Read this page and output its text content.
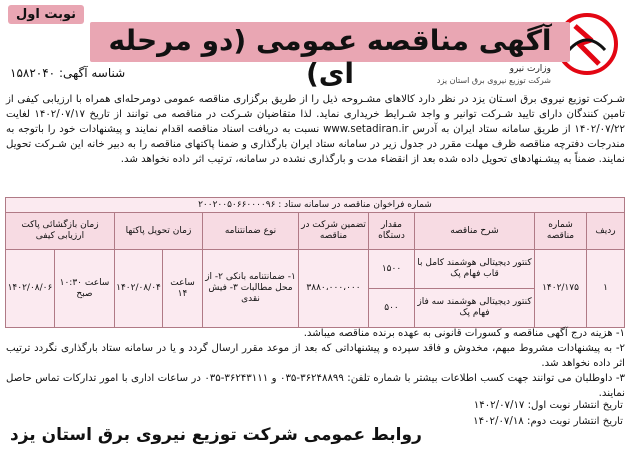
نوبت اول
آگهی مناقصه عمومی (دو مرحله ای)	وزارت نیرو
شرکت توزیع نیروی برق استان یزد
شناسه آگهی: ۱۵۸۲۰۴۰
شـرکت توزیع نیروی برق اسـتان یزد در نظر دارد کالاهای مشـروحه ذیل را از طریق برگزاری مناقصه عمومی دومرحله‌ای همراه با ارزیابی کیفی از تامین کنندگان دارای تایید شـرکت توانیر و واجد شـرایط خریداری نماید. لذا متقاضیان شـرکت در مناقصه می توانند از تاریخ ۱۴۰۲/۰۷/۱۷ لغایت ۱۴۰۲/۰۷/۲۲ از طریق سامانه ستاد ایران به آدرس www.setadiran.ir نسبت به دریافت اسناد مناقصه اقدام نمایند و پیشنهادات خود را باتوجه به مندرجات دفترچه مناقصه ظرف مهلت مقرر در جدول زیر در سامانه ستاد ایران بارگذاری و ضمنا پاکتهای مناقصه را به دبیر خانه این شـرکت تحویل نمایند. ضمناً به پیشـنهادهای تحویل داده شده بعد از انقضاء مدت و بارگذاری نشده در سامانه، ترتیب اثر داده نخواهد شد.
شماره فراخوان مناقصه در سامانه ستاد : ۲۰۰۲۰۰۵۰۶۶۰۰۰۰۹۶									
ردیف	شماره مناقصه	شرح مناقصه	مقدار دستگاه	تضمین شرکت در مناقصه	نوع ضمانتنامه	زمان تحویل پاکتها		زمان بازگشائی پاکت ارزیابی کیفی	
۱	۱۴۰۲/۱۷۵	کنتور دیجیتالی هوشمند کامل با قاب فهام پک	۱۵۰۰	۳۸۸۰،۰۰۰،۰۰۰	۱- ضمانتنامه بانکی ۲- از محل مطالبات ۳- فیش نقدی	ساعت ۱۴	۱۴۰۲/۰۸/۰۴	ساعت ۱۰:۳۰ صبح	۱۴۰۲/۰۸/۰۶
		کنتور دیجیتالی هوشمند سه فاز فهام پک	۵۰۰						

۱- هزینه درج آگهی مناقصه و کسورات قانونی به عهده برنده مناقصه میباشد.

۲- به پیشنهادات مشروط مبهم، مخدوش و فاقد سپرده و پیشنهاداتی که بعد از موعد مقرر ارسال گردد و یا در سامانه ستاد بارگذاری نگردد ترتیب اثر داده نخواهد شد.

۳- داوطلبان می توانند جهت کسب اطلاعات بیشتر با شماره تلفن: ۳۶۲۴۸۸۹۹-۰۳۵ و ۳۶۲۴۳۱۱۱-۰۳۵ در ساعات اداری با امور تدارکات تماس حاصل نمایند.

تاریخ انتشار نوبت اول: ۱۴۰۲/۰۷/۱۷
تاریخ انتشار نوبت دوم: ۱۴۰۲/۰۷/۱۸
روابط عمومی شرکت توزیع نیروی برق استان یزد
